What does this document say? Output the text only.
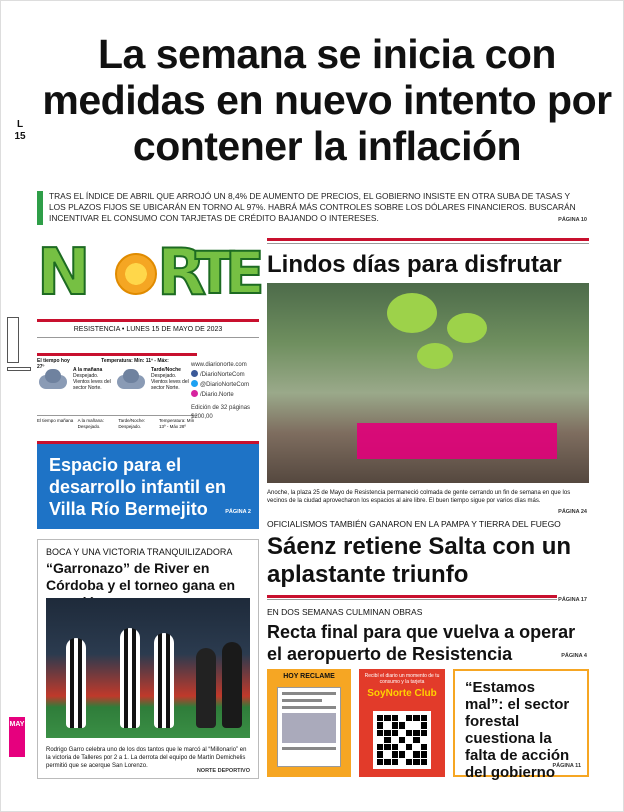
L
15
La semana se inicia con medidas en nuevo intento por contener la inflación

TRAS EL ÍNDICE DE ABRIL QUE ARROJÓ UN 8,4% DE AUMENTO DE PRECIOS, EL GOBIERNO INSISTE EN OTRA SUBA DE TASAS Y LOS PLAZOS FIJOS SE UBICARÁN EN TORNO AL 97%. HABRÁ MÁS CONTROLES SOBRE LOS DÓLARES FINANCIEROS. BUSCARÁN INCENTIVAR EL CONSUMO CON TARJETAS DE CRÉDITO BAJANDO O INTERESES.	PÁGINA 10
N R
T
E
RESISTENCIA • LUNES 15 DE MAYO DE 2023
El tiempo hoy	Temperatura: Mín: 11º - Máx: 27º	A la mañana
Despejado. Vientos leves del sector Norte.
Tarde/Noche
Despejado. Vientos leves del sector Norte.
El tiempo mañana A la mañana: Despejado.
Tarde/Noche: Despejado.
Temperatura: Mín 13º - Máx 28º
www.diarionorte.com
/DiarioNorteCom
@DiarioNorteCom
/Diario.Norte
Edición de 32 páginas
$200,00
Espacio para el desarrollo infantil en Villa Río Bermejito	PÁGINA 2
BOCA Y UNA VICTORIA TRANQUILIZADORA
“Garronazo” de River en Córdoba y el torneo gana en

Rodrigo Garro celebra uno de los dos tantos que le marcó al “Millonario” en la victoria de Talleres por 2 a 1. La derrota del equipo de Martín Demichelis permitió que se acerque San Lorenzo.

NORTE DEPORTIVO
MAY
Lindos días para disfrutar

Anoche, la plaza 25 de Mayo de Resistencia permaneció colmada de gente cerrando un fin de semana en que los vecinos de la ciudad aprovecharon los espacios al aire libre. El buen tiempo sigue por varios días más.

PÁGINA 24
OFICIALISMOS TAMBIÉN GANARON EN LA PAMPA Y TIERRA DEL FUEGO
Sáenz retiene Salta con un aplastante triunfo
PÁGINA 17
EN DOS SEMANAS CULMINAN OBRAS
Recta final para que vuelva a operar el aeropuerto de Resistencia	PÁGINA 4
HOY RECLAME	Recibí el diario un momento de tu consumo y la tarjeta
SoyNorte Club “Estamos mal”: el sector forestal cuestiona la falta de acción del gobierno
PÁGINA 11
